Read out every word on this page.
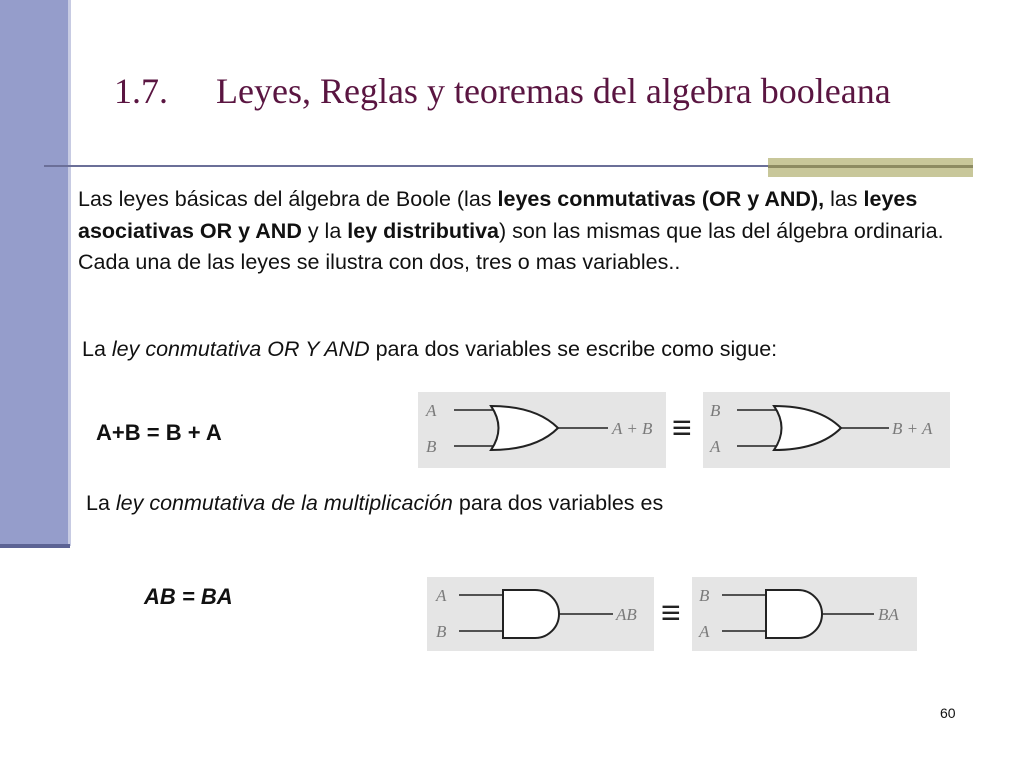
1.7. Leyes, Reglas y teoremas del algebra booleana

Las leyes básicas del álgebra de Boole (las leyes conmutativas (OR y AND), las leyes asociativas OR y AND y la ley distributiva) son las mismas que las del álgebra ordinaria. Cada una de las leyes se ilustra con dos, tres o mas variables..

La ley conmutativa OR Y AND para dos variables se escribe como sigue:

A+B = B + A
A
B
A + B ≡ B
A
B + A

La ley conmutativa de la multiplicación para dos variables es

AB = BA	A
B
AB ≡ B
A
BA
60
